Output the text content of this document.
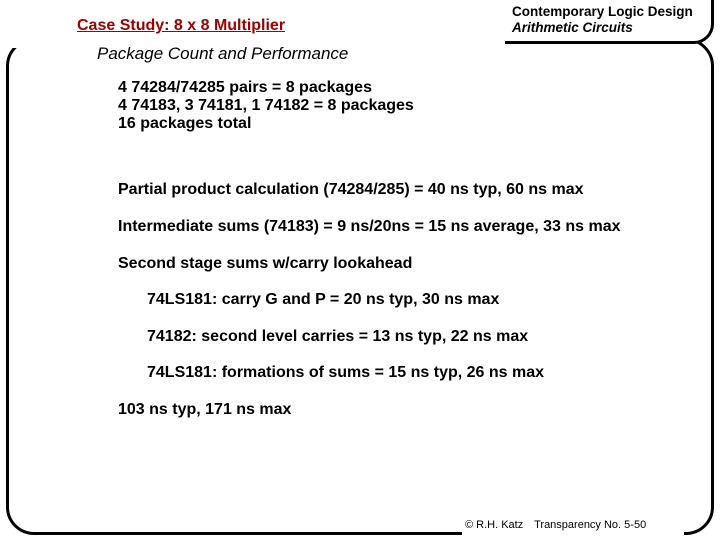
Contemporary Logic Design
Arithmetic Circuits
Case Study: 8 x 8 Multiplier
Package Count and Performance
4 74284/74285 pairs = 8 packages
4 74183, 3 74181, 1 74182 = 8 packages
16 packages total
Partial product calculation (74284/285) = 40 ns typ, 60 ns max
Intermediate sums (74183) = 9 ns/20ns = 15 ns average, 33 ns max
Second stage sums w/carry lookahead
74LS181: carry G and P = 20 ns typ, 30 ns max
74182: second level carries = 13 ns typ, 22 ns max
74LS181: formations of sums = 15 ns typ, 26 ns max
103 ns typ, 171 ns max
© R.H. Katz Transparency No. 5-50
